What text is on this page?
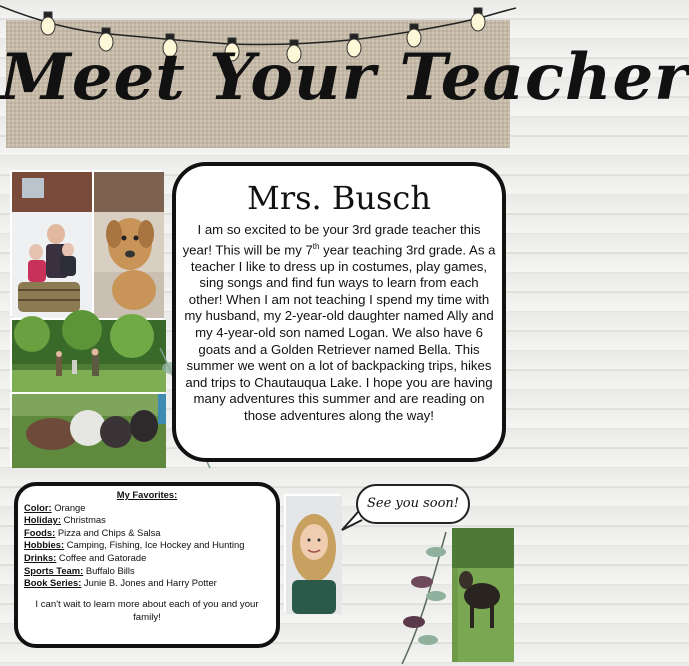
Meet Your Teacher
Mrs. Busch
I am so excited to be your 3rd grade teacher this year! This will be my 7th year teaching 3rd grade. As a teacher I like to dress up in costumes, play games, sing songs and find fun ways to learn from each other! When I am not teaching I spend my time with my husband, my 2-year-old daughter named Ally and my 4-year-old son named Logan. We also have 6 goats and a Golden Retriever named Bella. This summer we went on a lot of backpacking trips, hikes and trips to Chautauqua Lake. I hope you are having many adventures this summer and are reading on those adventures along the way!
My Favorites:

Color: Orange

Holiday: Christmas

Foods: Pizza and Chips & Salsa

Hobbies: Camping, Fishing, Ice Hockey and Hunting

Drinks: Coffee and Gatorade

Sports Team: Buffalo Bills

Book Series: Junie B. Jones and Harry Potter

I can't wait to learn more about each of you and your family!
See you soon!
